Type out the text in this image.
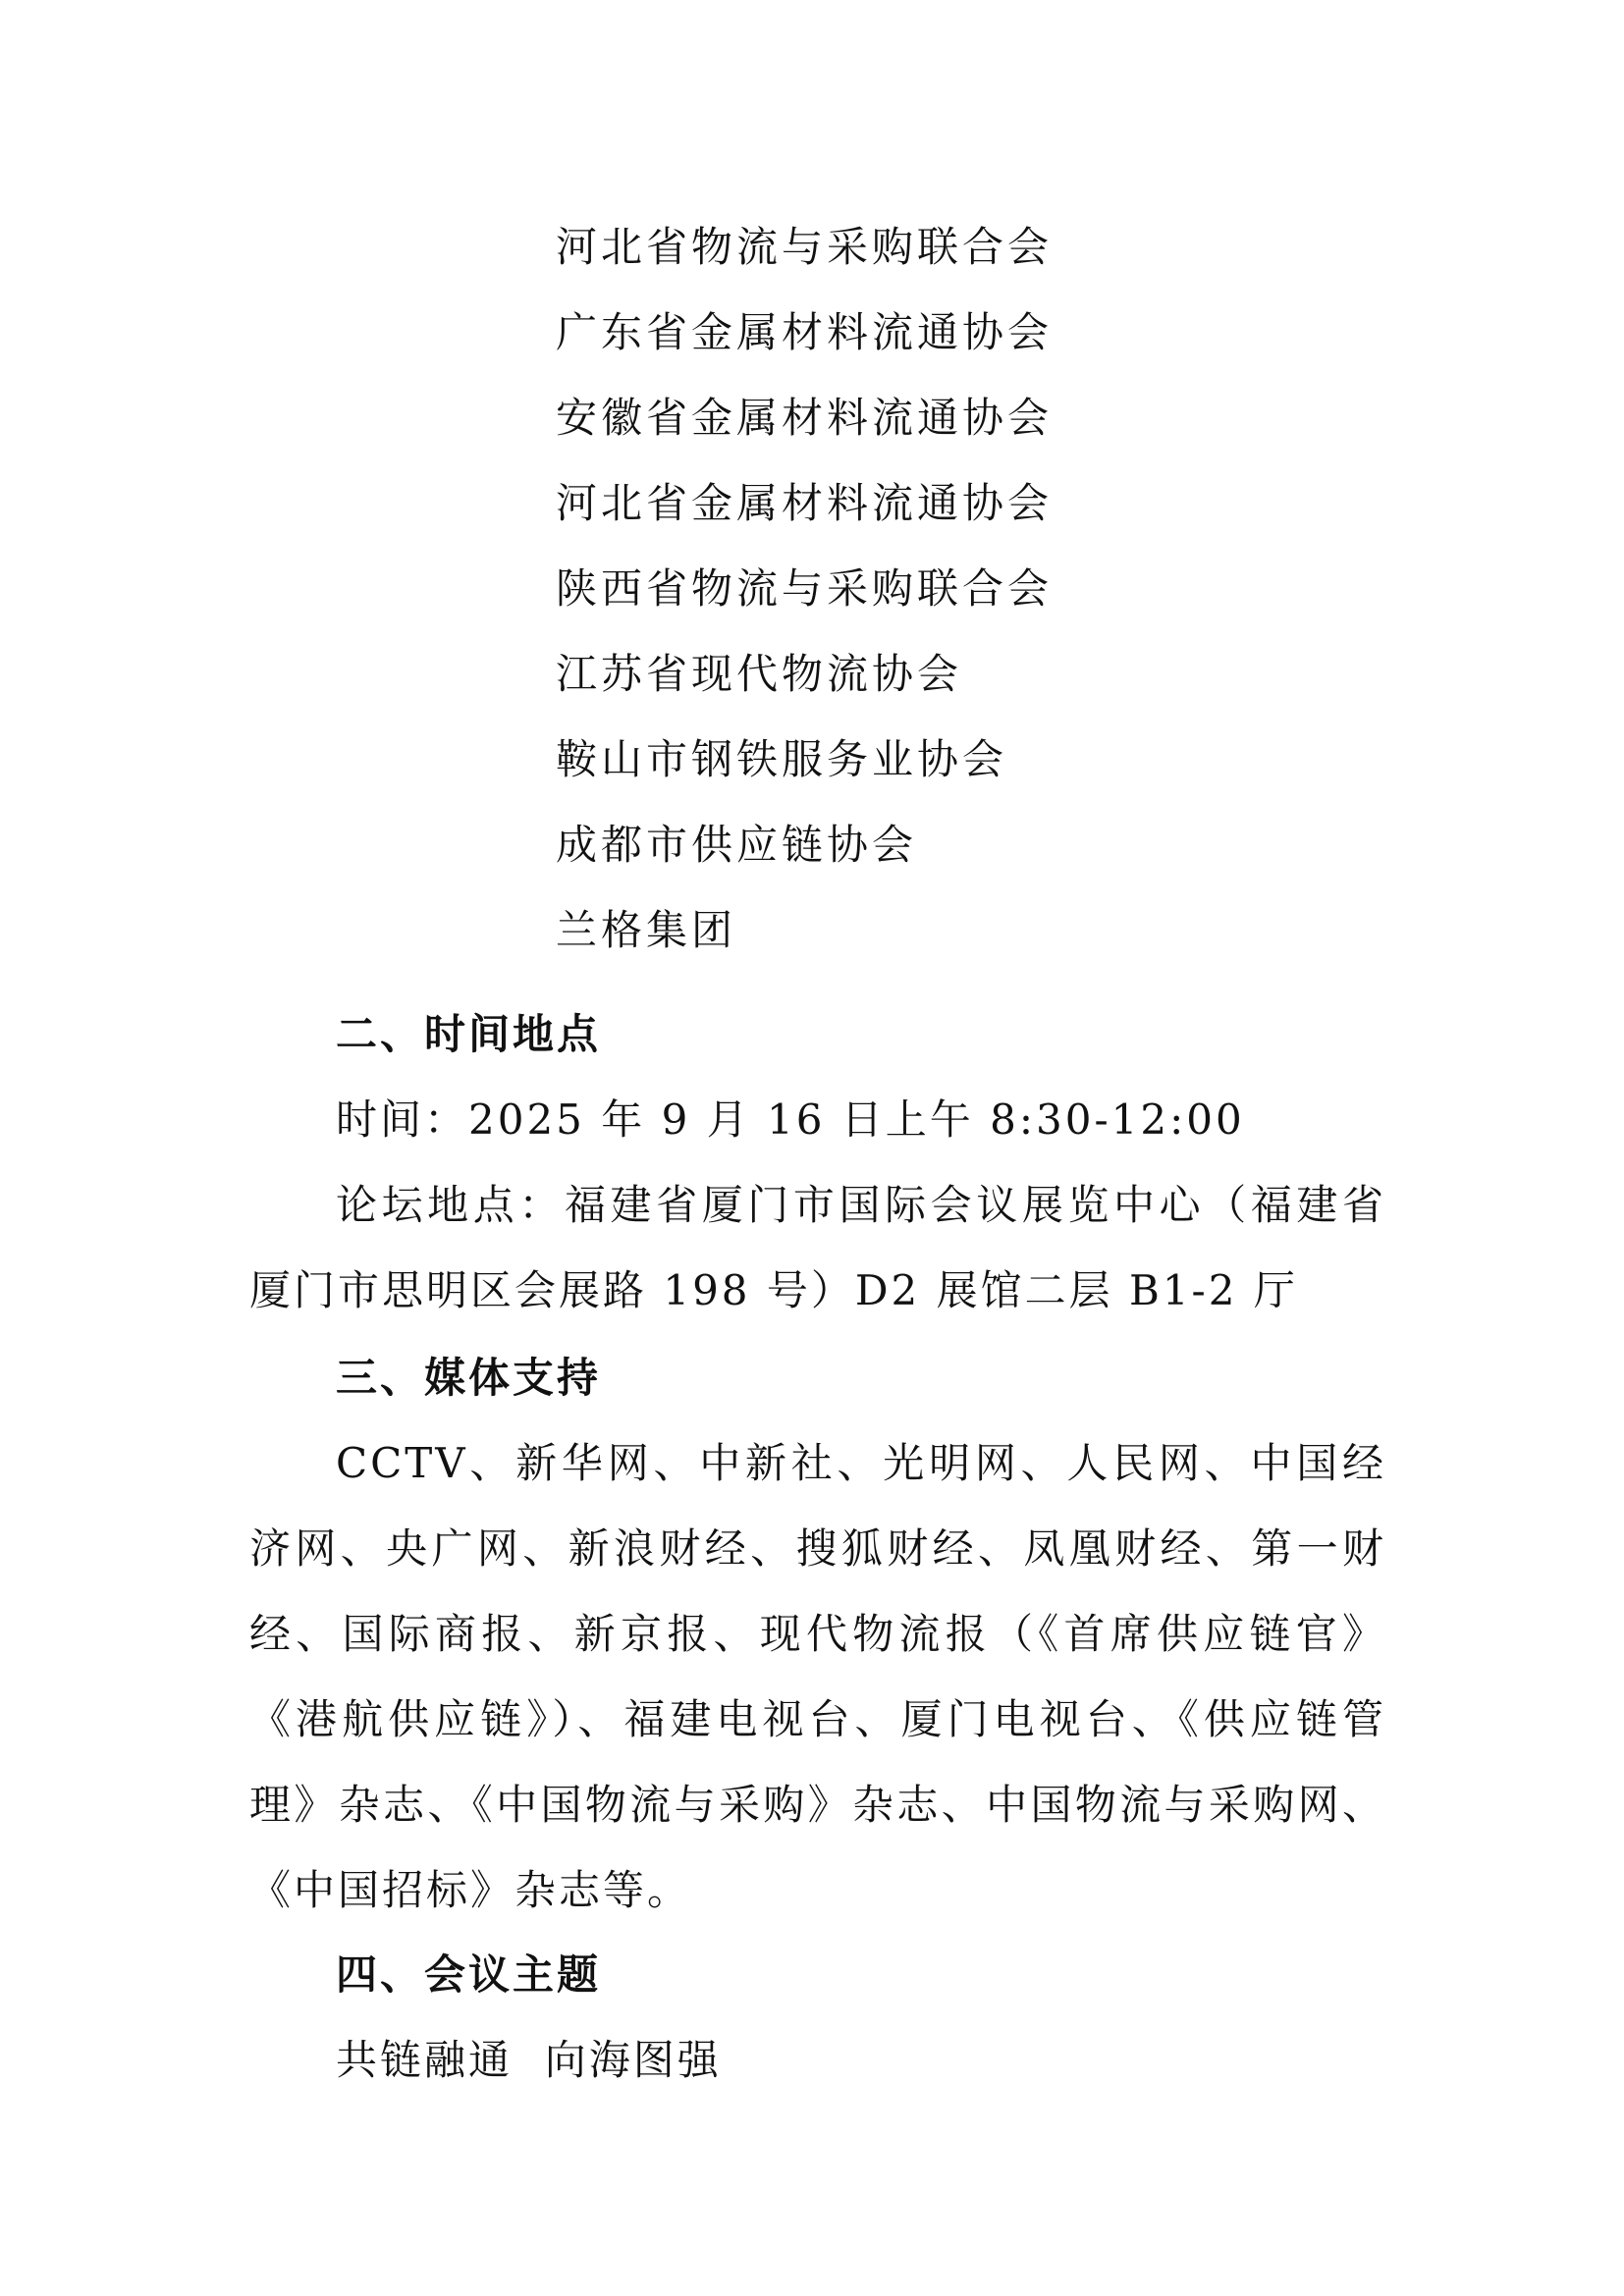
河北省物流与采购联合会
广东省金属材料流通协会
安徽省金属材料流通协会
河北省金属材料流通协会
陕西省物流与采购联合会
江苏省现代物流协会
鞍山市钢铁服务业协会
成都市供应链协会
兰格集团
二、时间地点
时间：2025 年 9 月 16 日上午 8:30-12:00

论坛地点：福建省厦门市国际会议展览中心（福建省厦门市思明区会展路 198 号）D2 展馆二层 B1-2 厅

三、媒体支持

CCTV、新华网、中新社、光明网、人民网、中国经济网、央广网、新浪财经、搜狐财经、凤凰财经、第一财经、国际商报、新京报、现代物流报（《首席供应链官》《港航供应链》）、福建电视台、厦门电视台、《供应链管理》杂志、《中国物流与采购》杂志、中国物流与采购网、《中国招标》杂志等。

四、会议主题
共链融通  向海图强
